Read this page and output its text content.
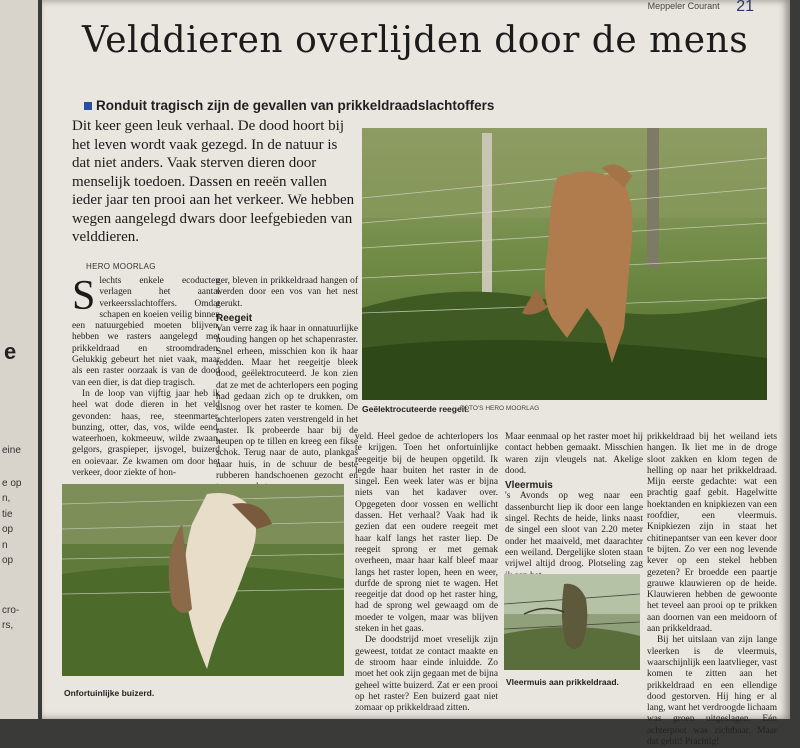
eine
e op
n,
tie
op
n
op
cro-
rs,
e
Meppeler Courant 21
Velddieren overlijden door de mens
Ronduit tragisch zijn de gevallen van prikkeldraadslachtoffers
Dit keer geen leuk verhaal. De dood hoort bij het leven wordt vaak gezegd. In de natuur is dat niet anders. Vaak sterven dieren door menselijk toedoen. Dassen en reeën vallen ieder jaar ten prooi aan het verkeer. We hebben wegen aangelegd dwars door leefgebieden van velddieren.
HERO MOORLAG
Geëlektrocuteerde reegeit.
FOTO'S HERO MOORLAG

Slechts enkele ecoducten verlagen het aantal verkeersslachtoffers. Omdat schapen en koeien veilig binnen een natuurgebied moeten blijven, hebben we rasters aangelegd met prikkeldraad en stroomdraden. Gelukkig gebeurt het niet vaak, maar als een raster oorzaak is van de dood van een dier, is dat diep tragisch.

In de loop van vijftig jaar heb ik heel wat dode dieren in het veld gevonden: haas, ree, steenmarter, bunzing, otter, das, vos, wilde eend, wateerhoen, kokmeeuw, wilde zwaan, gelgors, graspieper, ijsvogel, buizerd en ooievaar. Ze kwamen om door het verkeer, door ziekte of hon-

ger, bleven in prikkeldraad hangen of werden door een vos van het nest gerukt.

Reegeit

Van verre zag ik haar in onnatuurlijke houding hangen op het schapenraster. Snel erheen, misschien kon ik haar redden. Maar het reegeitje bleek dood, geëlektrocuteerd. Je kon zien dat ze met de achterlopers een poging had gedaan zich op te drukken, om alsnog over het raster te komen. De achterlopers zaten verstrengeld in het raster. Ik probeerde haar bij de heupen op te tillen en kreeg een fikse schok. Terug naar de auto, plankgas naar huis, in de schuur de beste rubberen handschoenen gezocht en

Onfortuinlijke buizerd.

veld. Heel gedoe de achterlopers los te krijgen. Toen het onfortuinlijke reegeitje bij de heupen opgetild. Ik legde haar buiten het raster in de singel. Een week later was er bijna niets van het kadaver over. Opgegeten door vossen en wellicht dassen. Het verhaal? Vaak had ik gezien dat een oudere reegeit met haar kalf langs het raster liep. De reegeit sprong er met gemak overheen, maar haar kalf bleef maar langs het raster lopen, heen en weer, durfde de sprong niet te wagen. Het reegeitje dat dood op het raster hing, had de sprong wel gewaagd om de moeder te volgen, maar was blijven steken in het gaas.

De doodstrijd moet vreselijk zijn geweest, totdat ze contact maakte en de stroom haar einde inluidde. Zo moet het ook zijn gegaan met de bijna geheel witte buizerd. Zat er een prooi op het raster? Een buizerd gaat niet zomaar op prikkeldraad zitten.

Maar eenmaal op het raster moet hij contact hebben gemaakt. Misschien waren zijn vleugels nat. Akelige dood.

Vleermuis

's Avonds op weg naar een dassenburcht liep ik door een lange singel. Rechts de heide, links naast de singel een sloot van 2.20 meter onder het maaiveld, met daarachter een weiland. Dergelijke sloten staan vrijwel altijd droog. Plotseling zag

Vleermuis aan prikkeldraad.

prikkeldraad bij het weiland iets hangen. Ik liet me in de droge sloot zakken en klom tegen de helling op naar het prikkeldraad. Mijn eerste gedachte: wat een prachtig gaaf gebit. Hagelwitte hoektanden en knipkiezen van een roofdier, een vleermuis. Knipkiezen zijn in staat het chitinepantser van een kever door te bijten. Zo ver een nog levende kever op een stekel hebben gezeten? Er broedde een paartje grauwe klauwieren op de heide. Klauwieren hebben de gewoonte het teveel aan prooi op te prikken aan doornen van een meidoorn of aan prikkeldraad.

Bij het uitslaan van zijn lange vleerken is de vleermuis, waarschijnlijk een laatvlieger, vast komen te zitten aan het prikkeldraad en een ellendige dood gestorven. Hij hing er al lang, want het verdroogde lichaam was groen uitgeslagen. Eén achterpoot was zichtbaar. Maar dat gebit! Prachtig!
